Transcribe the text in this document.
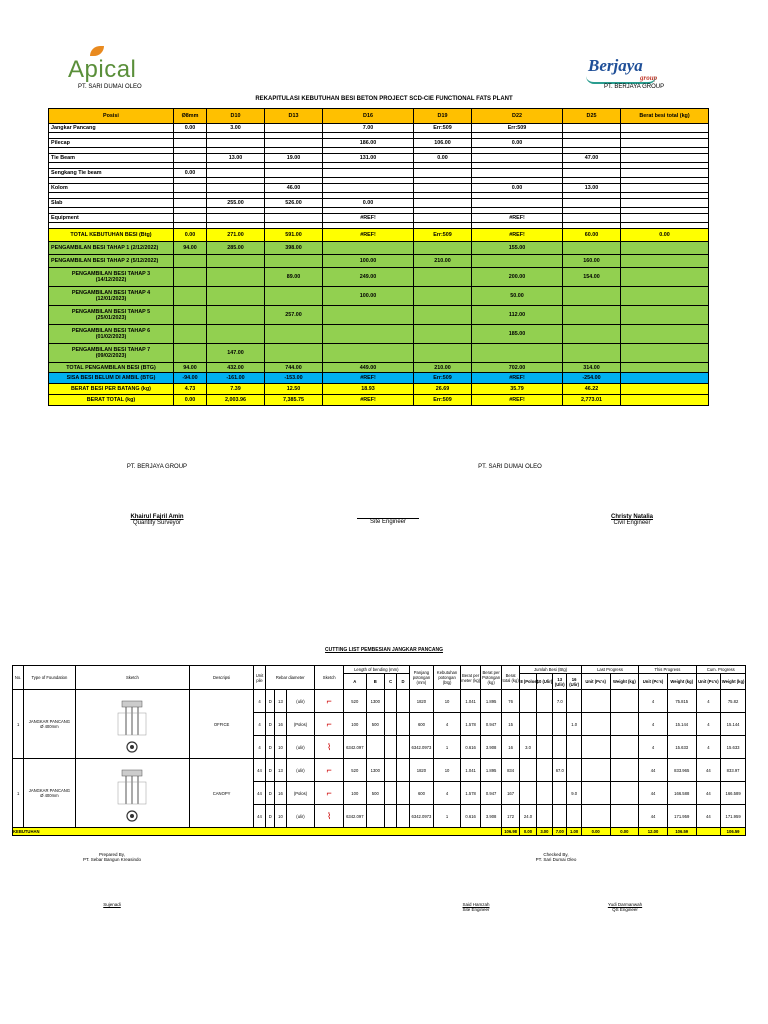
Apical
PT. SARI DUMAI OLEO
Berjaya
group
PT. BERJAYA GROUP
REKAPITULASI KEBUTUHAN BESI BETON PROJECT SCD-CIE FUNCTIONAL FATS PLANT
Posisi	Ø8mm	D10	D13	D16	D19	D22	D25	Berat besi total (kg)
Jangkar Pancang	0.00	3.00		7.00	Err:509	Err:509		

Pilecap				186.00	106.00	0.00		

Tie Beam		13.00	19.00	131.00	0.00		47.00	

Sengkang Tie beam	0.00							

Kolom			46.00			0.00	13.00	

Slab		255.00	526.00	0.00				

Equipment				#REF!		#REF!		

TOTAL KEBUTUHAN BESI (Btg)	0.00	271.00	591.00	#REF!	Err:509	#REF!	60.00	0.00
PENGAMBILAN BESI TAHAP 1 (2/12/2022)	94.00	285.00	398.00			155.00		
PENGAMBILAN BESI TAHAP 2 (5/12/2022)				100.00	210.00		160.00	

PENGAMBILAN BESI TAHAP 3
(14/12/2022)			89.00	249.00		200.00	154.00	

PENGAMBILAN BESI TAHAP 4
(12/01/2023)				100.00		50.00		

PENGAMBILAN BESI TAHAP 5
(25/01/2023)			257.00			112.00		

PENGAMBILAN BESI TAHAP 6
(01/02/2023)						185.00		

PENGAMBILAN BESI TAHAP 7
(09/02/2023)		147.00						
TOTAL PENGAMBILAN BESI (BTG)	94.00	432.00	744.00	449.00	210.00	702.00	314.00	
SISA BESI BELUM DI AMBIL (BTG)	-94.00	-161.00	-153.00	#REF!	Err:509	#REF!	-254.00	
BERAT BESI PER BATANG (kg)	4.73	7.39	12.50	18.93	26.69	35.79	46.22	
BERAT TOTAL (kg)	0.00	2,003.96	7,385.75	#REF!	Err:509	#REF!	2,773.01	
PT. BERJAYA GROUP	PT. SARI DUMAI OLEO
Khairul Fajril Amin
Quantity Surveyor	Site Engineer
Christy Natalia
Civil Engineer
CUTTING LIST PEMBESIAN JANGKAR PANCANG
No.	Type of Foundation	Sketch	Descripsi	Unit pile	Rebar diameter			Sketch	Length of bending (mm)				Panjang potongan (mm)	Kebutuhan potongan (btg)	Berat per meter (kg)	Berat per Potongan (kg)	Berat total (kg)	Jumlah Besi (Btg)				Last Progress		This Progress		Cum. Progress	
									A	B	C	D						8 (Polos)	10 (Ulir)	13 (Ulir)	16 (Ulir)	Unit (Pc's)	Weight (kg)	Unit (Pc's)	Weight (kg)	Unit (Pc's)	Weight (kg)
1	JANGKAR PANCANG
Ø 400mm		OFFICE	4	D	13	(ulir)	⌐	520	1300			1820	10	1.041	1.895	76			7.0				4	75.815	4	75.82
				4	D	16	(Polos)	⌐	100	500			600	4	1.578	0.947	15				1.0			4	15.144	4	15.144
				4	D	10	(ulir)	⌇	6342.097				6342.0973	1	0.616	3.908	16	3.0						4	15.633	4	15.633
1	JANGKAR PANCANG
Ø 400mm		CANOPY	44	D	13	(ulir)	⌐	520	1300			1820	10	1.041	1.895	834			67.0				44	833.965	44	833.97
				44	D	16	(Polos)	⌐	100	500			600	4	1.578	0.947	167				9.0			44	166.588	44	166.589
				44	D	10	(ulir)	⌇	6342.097				6342.0973	1	0.616	3.908	172	24.0						44	171.959	44	171.959
KEBUTUHAN																	106.98	0.00	3.00	7.00	1.00	0.00	0.00	12.00	106.59		106.59
Prepared By,
PT. Sebar Bangun Kreasindo
Checked By,
PT. Sari Dumai Oleo
Sujenadi	Said Hamzah
Site Engineer
Yudi Darmanwah
QS Engineer
